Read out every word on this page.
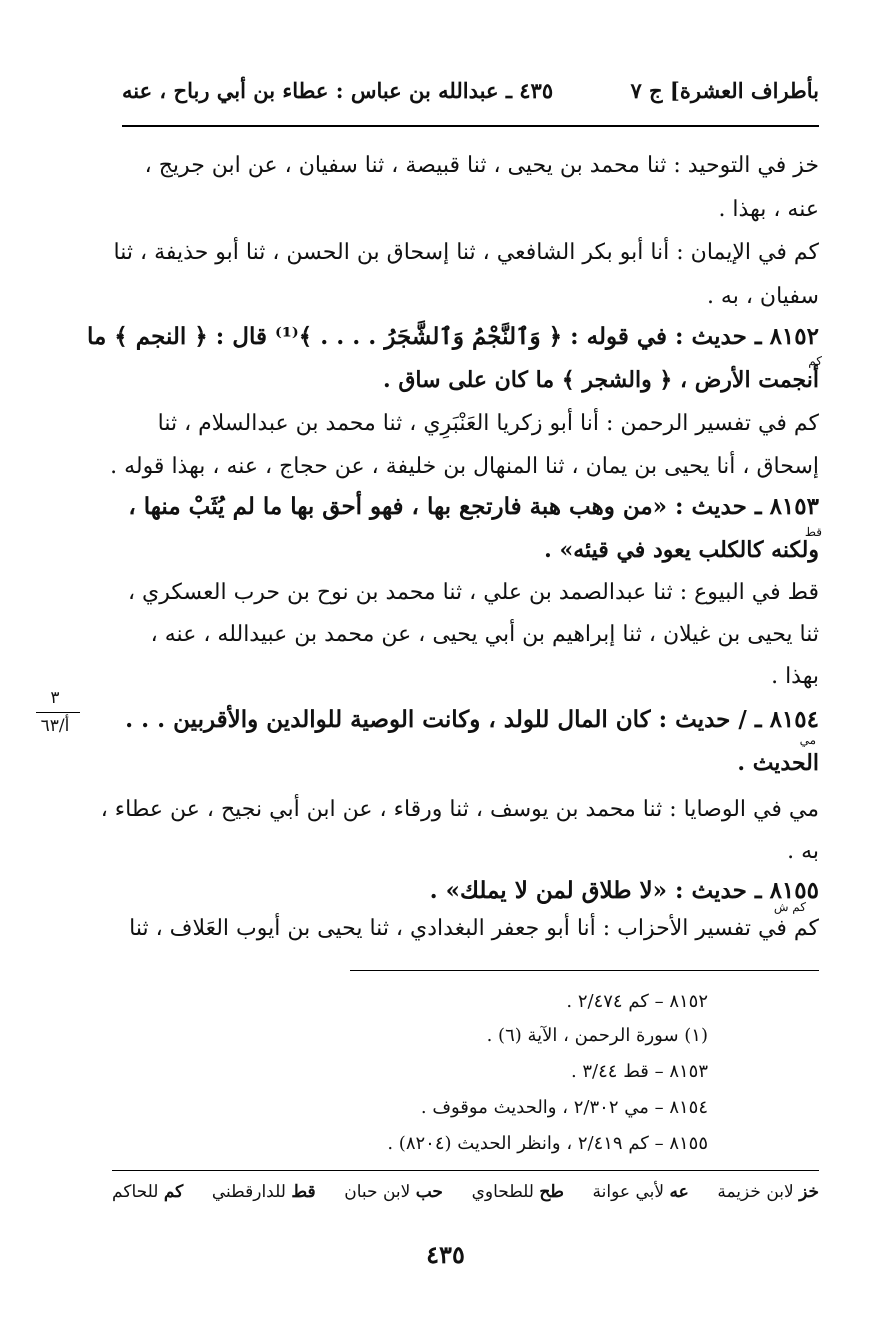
بأطراف العشرة] ج ٧
٤٣٥ ـ عبدالله بن عباس : عطاء بن أبي رباح ، عنه
خز في التوحيد : ثنا محمد بن يحيى ، ثنا قبيصة ، ثنا سفيان ، عن ابن جريج ،
عنه ، بهذا .
كم في الإيمان : أنا أبو بكر الشافعي ، ثنا إسحاق بن الحسن ، ثنا أبو حذيفة ، ثنا
سفيان ، به .
كم
٨١٥٢ ـ حديث : في قوله : ﴿ وَٱلنَّجْمُ وَٱلشَّجَرُ . . . . ﴾⁽¹⁾ قال : ﴿ النجم ﴾ ما
أنجمت الأرض ، ﴿ والشجر ﴾ ما كان على ساق .
كم في تفسير الرحمن : أنا أبو زكريا العَنْبَرِي ، ثنا محمد بن عبدالسلام ، ثنا
إسحاق ، أنا يحيى بن يمان ، ثنا المنهال بن خليفة ، عن حجاج ، عنه ، بهذا قوله .
قط
٨١٥٣ ـ حديث : «من وهب هبة فارتجع بها ، فهو أحق بها ما لم يُثَبْ منها ،
ولكنه كالكلب يعود في قيئه» .
قط في البيوع : ثنا عبدالصمد بن علي ، ثنا محمد بن نوح بن حرب العسكري ،
ثنا يحيى بن غيلان ، ثنا إبراهيم بن أبي يحيى ، عن محمد بن عبيدالله ، عنه ،
بهذا .
مي
٨١٥٤ ـ / حديث : كان المال للولد ، وكانت الوصية للوالدين والأقربين . . .
الحديث .
٣
أ/٦٣
مي في الوصايا : ثنا محمد بن يوسف ، ثنا ورقاء ، عن ابن أبي نجيح ، عن عطاء ،
به .
٨١٥٥ ـ حديث : «لا طلاق لمن لا يملك» .
كم ش
كم في تفسير الأحزاب : أنا أبو جعفر البغدادي ، ثنا يحيى بن أيوب العَلاف ، ثنا
٨١٥٢ – كم ٢/٤٧٤ .
(١) سورة الرحمن ، الآية (٦) .
٨١٥٣ – قط ٣/٤٤ .
٨١٥٤ – مي ٢/٣٠٢ ، والحديث موقوف .
٨١٥٥ – كم ٢/٤١٩ ، وانظر الحديث (٨٢٠٤) .
خز لابن خزيمة
عه لأبي عوانة
طح للطحاوي
حب لابن حبان
قط للدارقطني
كم للحاكم
٤٣٥
